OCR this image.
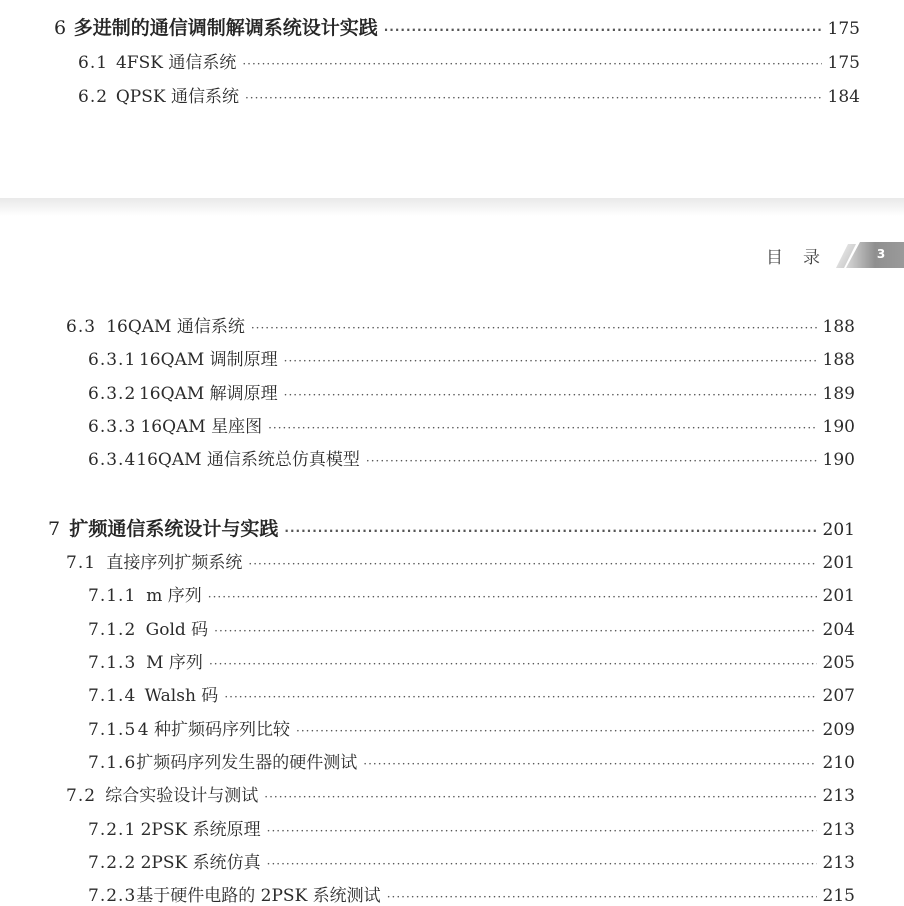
6 多进制的通信调制解调系统设计实践 ·····	175
6.1 4FSK 通信系统 ·····	175
6.2 QPSK 通信系统 ·····	184
目录	3
6.3 16QAM 通信系统 ·····	188
6.3.1 16QAM 调制原理 ·····	188
6.3.2 16QAM 解调原理 ·····	189
6.3.3 16QAM 星座图 ·····	190
6.3.4 16QAM 通信系统总仿真模型 ·····	190
7 扩频通信系统设计与实践 ·····	201
7.1 直接序列扩频系统 ·····	201
7.1.1 m 序列 ·····	201
7.1.2 Gold 码 ·····	204
7.1.3 M 序列 ·····	205
7.1.4 Walsh 码 ·····	207
7.1.5 4 种扩频码序列比较 ·····	209
7.1.6 扩频码序列发生器的硬件测试 ·····	210
7.2 综合实验设计与测试 ·····	213
7.2.1 2PSK 系统原理 ·····	213
7.2.2 2PSK 系统仿真 ·····	213
7.2.3 基于硬件电路的 2PSK 系统测试 ·····	215
